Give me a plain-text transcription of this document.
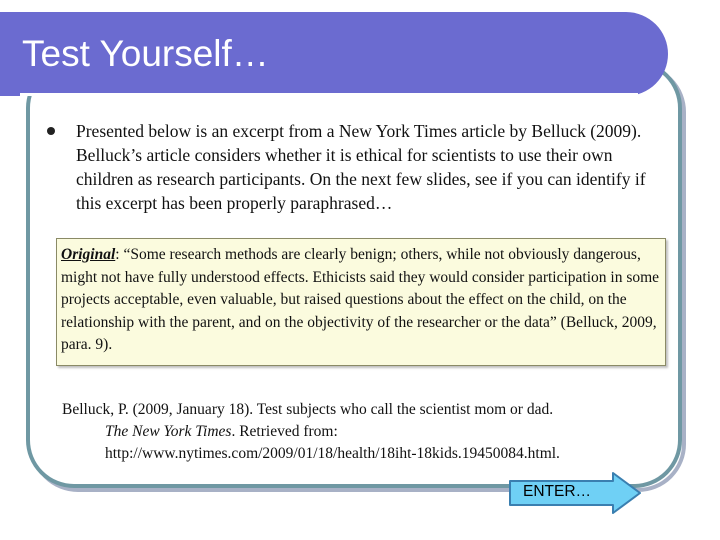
Test Yourself…
Presented below is an excerpt from a New York Times article by Belluck (2009). Belluck’s article considers whether it is ethical for scientists to use their own children as research participants. On the next few slides, see if you can identify if this excerpt has been properly paraphrased…
Original: “Some research methods are clearly benign; others, while not obviously dangerous, might not have fully understood effects. Ethicists said they would consider participation in some projects acceptable, even valuable, but raised questions about the effect on the child, on the relationship with the parent, and on the objectivity of the researcher or the data” (Belluck, 2009, para. 9).
Belluck, P. (2009, January 18). Test subjects who call the scientist mom or dad.
The New York Times. Retrieved from:
http://www.nytimes.com/2009/01/18/health/18iht-18kids.19450084.html.
ENTER…
